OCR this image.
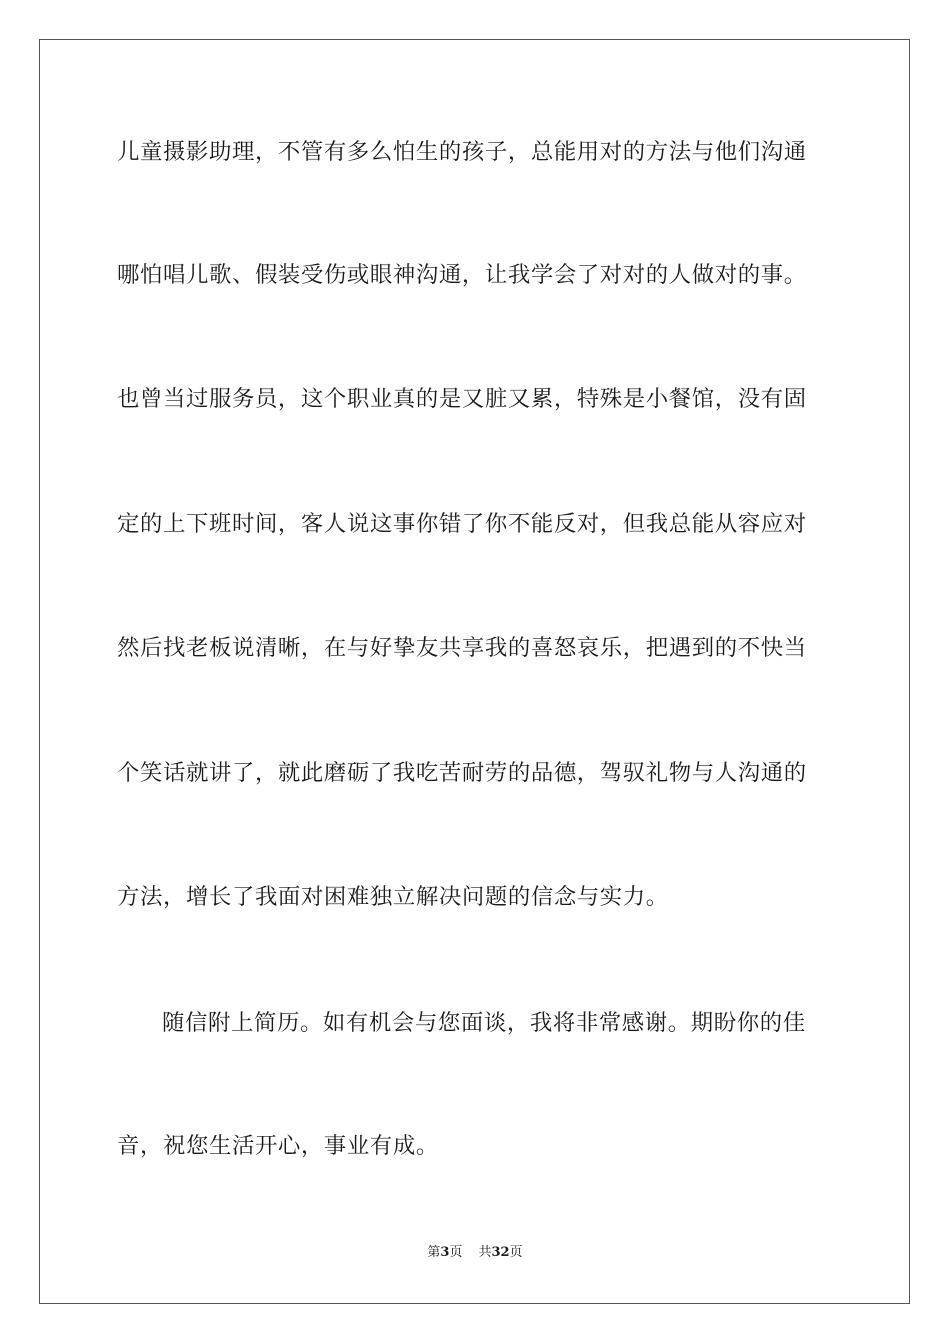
儿童摄影助理，不管有多么怕生的孩子，总能用对的方法与他们沟通
哪怕唱儿歌、假装受伤或眼神沟通，让我学会了对对的人做对的事。
也曾当过服务员，这个职业真的是又脏又累，特殊是小餐馆，没有固
定的上下班时间，客人说这事你错了你不能反对，但我总能从容应对
然后找老板说清晰，在与好挚友共享我的喜怒哀乐，把遇到的不快当
个笑话就讲了，就此磨砺了我吃苦耐劳的品德，驾驭礼物与人沟通的
方法，增长了我面对困难独立解决问题的信念与实力。
随信附上简历。如有机会与您面谈，我将非常感谢。期盼你的佳
音，祝您生活开心，事业有成。
第3页 共32页
